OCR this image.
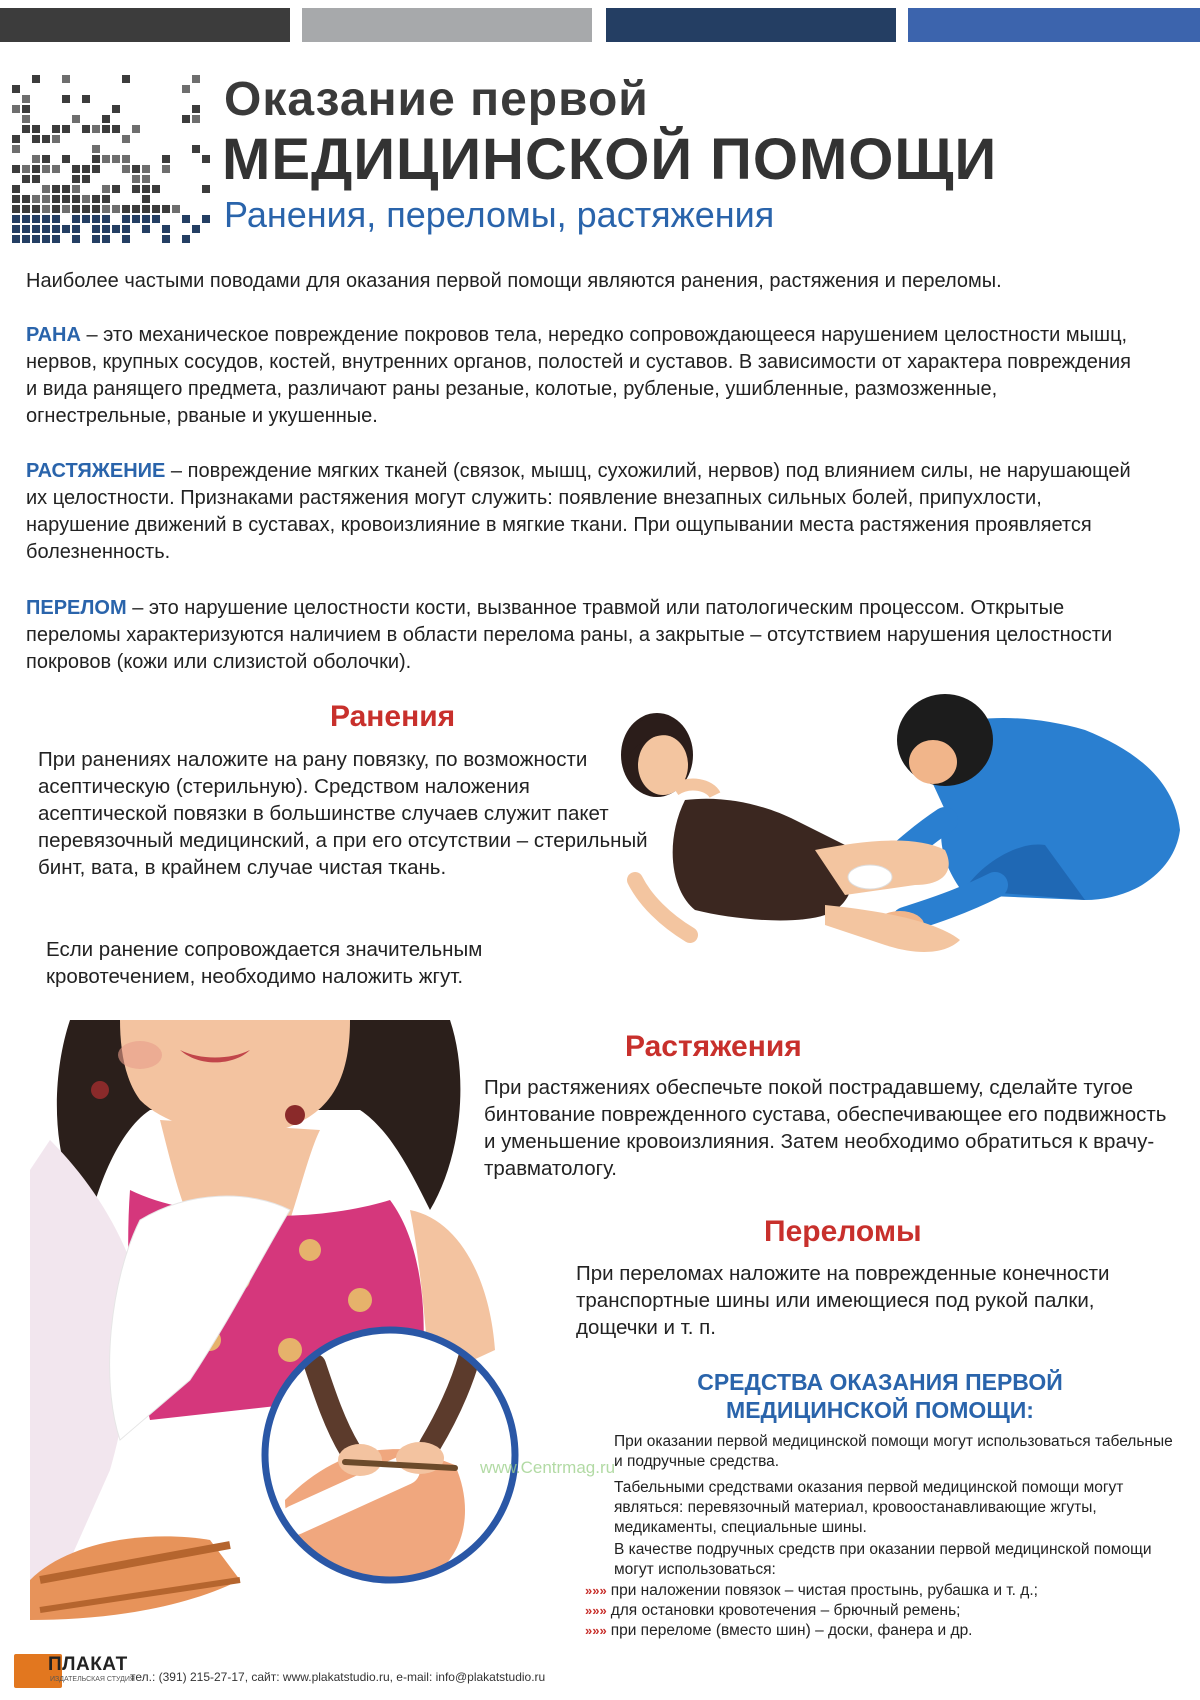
Оказание первой
МЕДИЦИНСКОЙ ПОМОЩИ
Ранения, переломы, растяжения

Наиболее частыми поводами для оказания первой помощи являются ранения, растяжения и переломы.

РАНА – это механическое повреждение покровов тела, нередко сопровождающееся нарушением целостности мышц, нервов, крупных сосудов, костей, внутренних органов, полостей и суставов. В зависимости от характера повреждения и вида ранящего предмета, различают раны резаные, колотые, рубленые, ушибленные, размозженные, огнестрельные, рваные и укушенные.

РАСТЯЖЕНИЕ – повреждение мягких тканей (связок, мышц, сухожилий, нервов) под влиянием силы, не нарушающей их целостности. Признаками растяжения могут служить: появление внезапных сильных болей, припухлости, нарушение движений в суставах, кровоизлияние в мягкие ткани. При ощупывании места растяжения проявляется болезненность.

ПЕРЕЛОМ – это нарушение целостности кости, вызванное травмой или патологическим процессом. Открытые переломы характеризуются наличием в области перелома раны, а закрытые – отсутствием нарушения целостности покровов (кожи или слизистой оболочки).

Ранения
При ранениях наложите на рану повязку, по возможности асептическую (стерильную). Средством наложения асептической повязки в большинстве случаев служит пакет перевязочный медицинский, а при его отсутствии – стерильный бинт, вата, в крайнем случае чистая ткань.
Если ранение сопровождается значительным кровотечением, необходимо наложить жгут.
Растяжения
При растяжениях обеспечьте покой пострадавшему, сделайте тугое бинтование поврежденного сустава, обеспечивающее его подвижность и уменьшение кровоизлияния. Затем необходимо обратиться к врачу-травматологу.
Переломы
При переломах наложите на поврежденные конечности транспортные шины или имеющиеся под рукой палки, дощечки и т. п.
www.Centrmag.ru
СРЕДСТВА ОКАЗАНИЯ ПЕРВОЙ
МЕДИЦИНСКОЙ ПОМОЩИ:
При оказании первой медицинской помощи могут использоваться табельные и подручные средства.
Табельными средствами оказания первой медицинской помощи могут являться: перевязочный материал, кровоостанавливающие жгуты, медикаменты, специальные шины.
В качестве подручных средств при оказании первой медицинской помощи могут использоваться:
»»» при наложении повязок – чистая простынь, рубашка и т. д.;
»»» для остановки кровотечения – брючный ремень;
»»» при переломе (вместо шин) – доски, фанера и др.
ПЛАКАТ
ИЗДАТЕЛЬСКАЯ СТУДИЯ
тел.: (391) 215-27-17, сайт: www.plakatstudio.ru, e-mail: info@plakatstudio.ru
